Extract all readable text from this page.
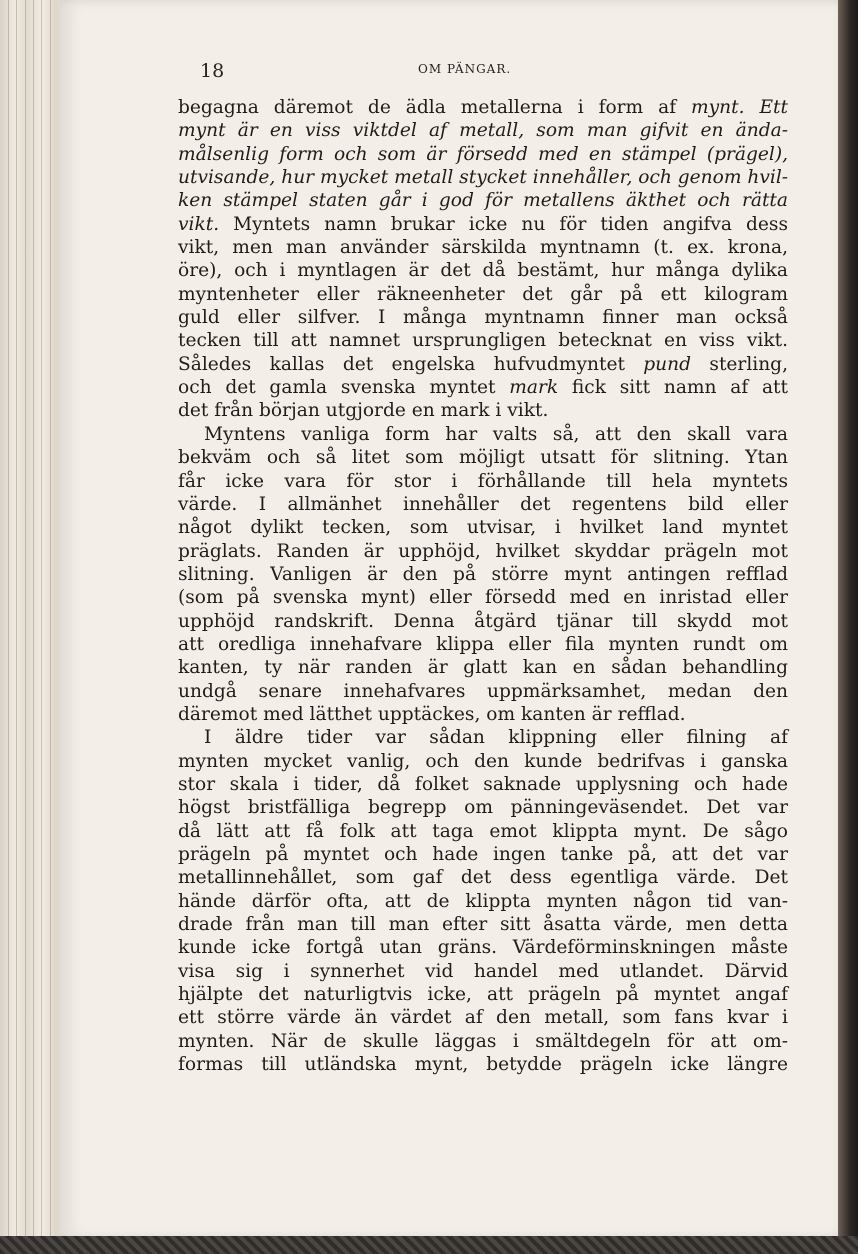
18	OM PÄNGAR.
begagna däremot de ädla metallerna i form af mynt. Ett
mynt är en viss viktdel af metall, som man gifvit en ända-
målsenlig form och som är försedd med en stämpel (prägel),
utvisande, hur mycket metall stycket innehåller, och genom hvil-
ken stämpel staten går i god för metallens äkthet och rätta
vikt. Myntets namn brukar icke nu för tiden angifva dess
vikt, men man använder särskilda myntnamn (t. ex. krona,
öre), och i myntlagen är det då bestämt, hur många dylika
myntenheter eller räkneenheter det går på ett kilogram
guld eller silfver. I många myntnamn finner man också
tecken till att namnet ursprungligen betecknat en viss vikt.
Således kallas det engelska hufvudmyntet pund sterling,
och det gamla svenska myntet mark fick sitt namn af att
det från början utgjorde en mark i vikt.
Myntens vanliga form har valts så, att den skall vara
bekväm och så litet som möjligt utsatt för slitning. Ytan
får icke vara för stor i förhållande till hela myntets
värde. I allmänhet innehåller det regentens bild eller
något dylikt tecken, som utvisar, i hvilket land myntet
präglats. Randen är upphöjd, hvilket skyddar prägeln mot
slitning. Vanligen är den på större mynt antingen refflad
(som på svenska mynt) eller försedd med en inristad eller
upphöjd randskrift. Denna åtgärd tjänar till skydd mot
att oredliga innehafvare klippa eller fila mynten rundt om
kanten, ty när randen är glatt kan en sådan behandling
undgå senare innehafvares uppmärksamhet, medan den
däremot med lätthet upptäckes, om kanten är refflad.
I äldre tider var sådan klippning eller filning af
mynten mycket vanlig, och den kunde bedrifvas i ganska
stor skala i tider, då folket saknade upplysning och hade
högst bristfälliga begrepp om pänningeväsendet. Det var
då lätt att få folk att taga emot klippta mynt. De sågo
prägeln på myntet och hade ingen tanke på, att det var
metallinnehållet, som gaf det dess egentliga värde. Det
hände därför ofta, att de klippta mynten någon tid van-
drade från man till man efter sitt åsatta värde, men detta
kunde icke fortgå utan gräns. Värdeförminskningen måste
visa sig i synnerhet vid handel med utlandet. Därvid
hjälpte det naturligtvis icke, att prägeln på myntet angaf
ett större värde än värdet af den metall, som fans kvar i
mynten. När de skulle läggas i smältdegeln för att om-
formas till utländska mynt, betydde prägeln icke längre
